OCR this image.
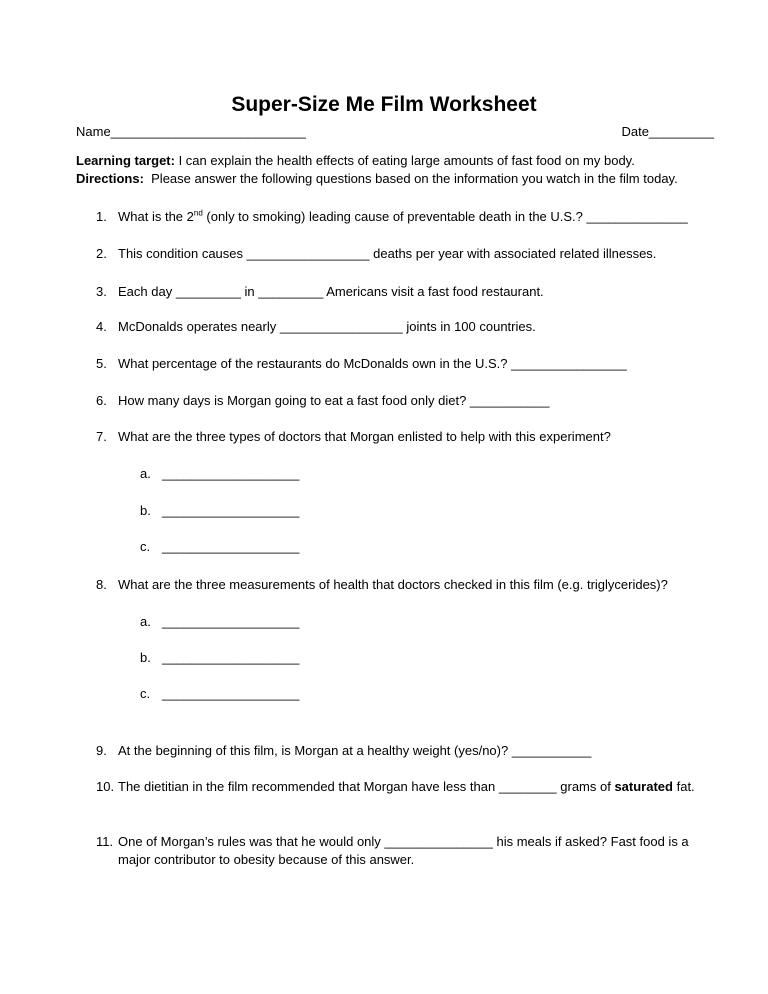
Super-Size Me Film Worksheet
Name___________________________	Date_________
Learning target: I can explain the health effects of eating large amounts of fast food on my body.
Directions:  Please answer the following questions based on the information you watch in the film today.
1. What is the 2nd (only to smoking) leading cause of preventable death in the U.S.? ______________
2. This condition causes _________________ deaths per year with associated related illnesses.
3. Each day _________ in _________ Americans visit a fast food restaurant.
4. McDonalds operates nearly _________________ joints in 100 countries.
5. What percentage of the restaurants do McDonalds own in the U.S.? ________________
6. How many days is Morgan going to eat a fast food only diet? ___________
7. What are the three types of doctors that Morgan enlisted to help with this experiment?
a. ___________________
b. ___________________
c. ___________________
8. What are the three measurements of health that doctors checked in this film (e.g. triglycerides)?
a. ___________________
b. ___________________
c. ___________________
9. At the beginning of this film, is Morgan at a healthy weight (yes/no)? ___________
10. The dietitian in the film recommended that Morgan have less than ________ grams of saturated fat.
11. One of Morgan’s rules was that he would only _______________ his meals if asked? Fast food is a major contributor to obesity because of this answer.
